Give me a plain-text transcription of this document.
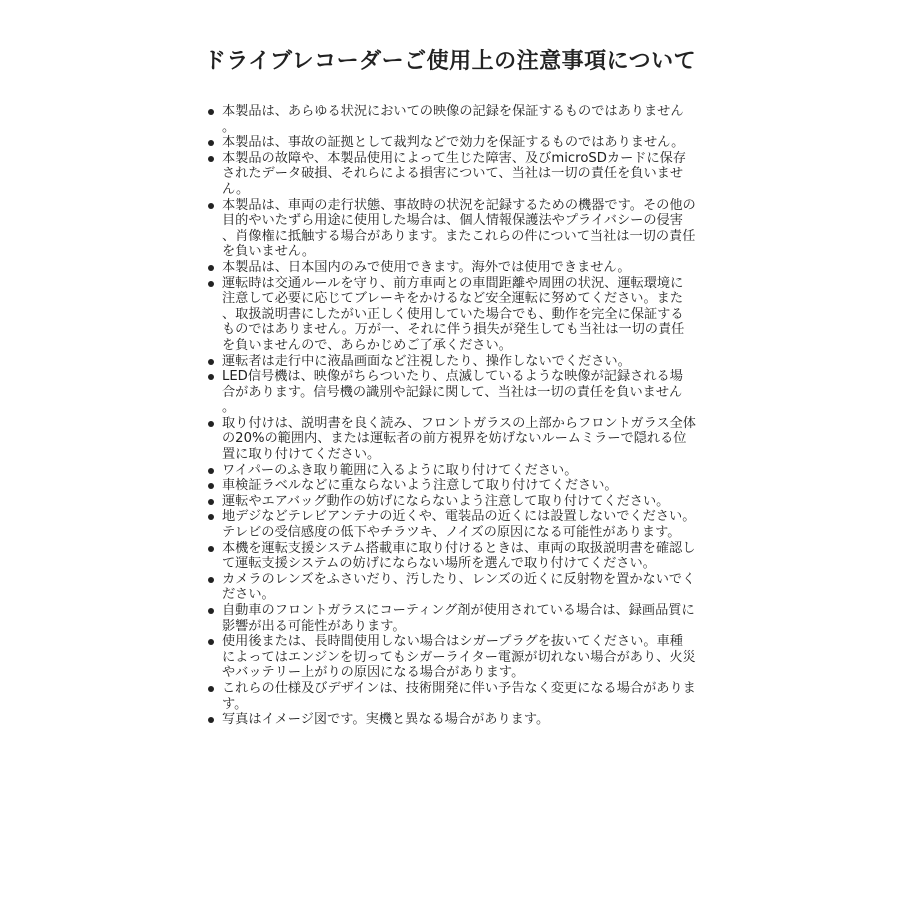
ドライブレコーダーご使用上の注意事項について
本製品は、あらゆる状況においての映像の記録を保証するものではありません。
本製品は、事故の証拠として裁判などで効力を保証するものではありません。
本製品の故障や、本製品使用によって生じた障害、及びmicroSDカードに保存されたデータ破損、それらによる損害について、当社は一切の責任を負いません。
本製品は、車両の走行状態、事故時の状況を記録するための機器です。その他の目的やいたずら用途に使用した場合は、個人情報保護法やプライバシーの侵害、肖像権に抵触する場合があります。またこれらの件について当社は一切の責任を負いません。
本製品は、日本国内のみで使用できます。海外では使用できません。
運転時は交通ルールを守り、前方車両との車間距離や周囲の状況、運転環境に注意して必要に応じてブレーキをかけるなど安全運転に努めてください。また、取扱説明書にしたがい正しく使用していた場合でも、動作を完全に保証するものではありません。万が一、それに伴う損失が発生しても当社は一切の責任を負いませんので、あらかじめご了承ください。
運転者は走行中に液晶画面など注視したり、操作しないでください。
LED信号機は、映像がちらついたり、点滅しているような映像が記録される場合があります。信号機の識別や記録に関して、当社は一切の責任を負いません。
取り付けは、説明書を良く読み、フロントガラスの上部からフロントガラス全体の20%の範囲内、または運転者の前方視界を妨げないルームミラーで隠れる位置に取り付けてください。
ワイパーのふき取り範囲に入るように取り付けてください。
車検証ラベルなどに重ならないよう注意して取り付けてください。
運転やエアバッグ動作の妨げにならないよう注意して取り付けてください。
地デジなどテレビアンテナの近くや、電装品の近くには設置しないでください。テレビの受信感度の低下やチラツキ、ノイズの原因になる可能性があります。
本機を運転支援システム搭載車に取り付けるときは、車両の取扱説明書を確認して運転支援システムの妨げにならない場所を選んで取り付けてください。
カメラのレンズをふさいだり、汚したり、レンズの近くに反射物を置かないでください。
自動車のフロントガラスにコーティング剤が使用されている場合は、録画品質に影響が出る可能性があります。
使用後または、長時間使用しない場合はシガープラグを抜いてください。車種によってはエンジンを切ってもシガーライター電源が切れない場合があり、火災やバッテリー上がりの原因になる場合があります。
これらの仕様及びデザインは、技術開発に伴い予告なく変更になる場合があります。
写真はイメージ図です。実機と異なる場合があります。
